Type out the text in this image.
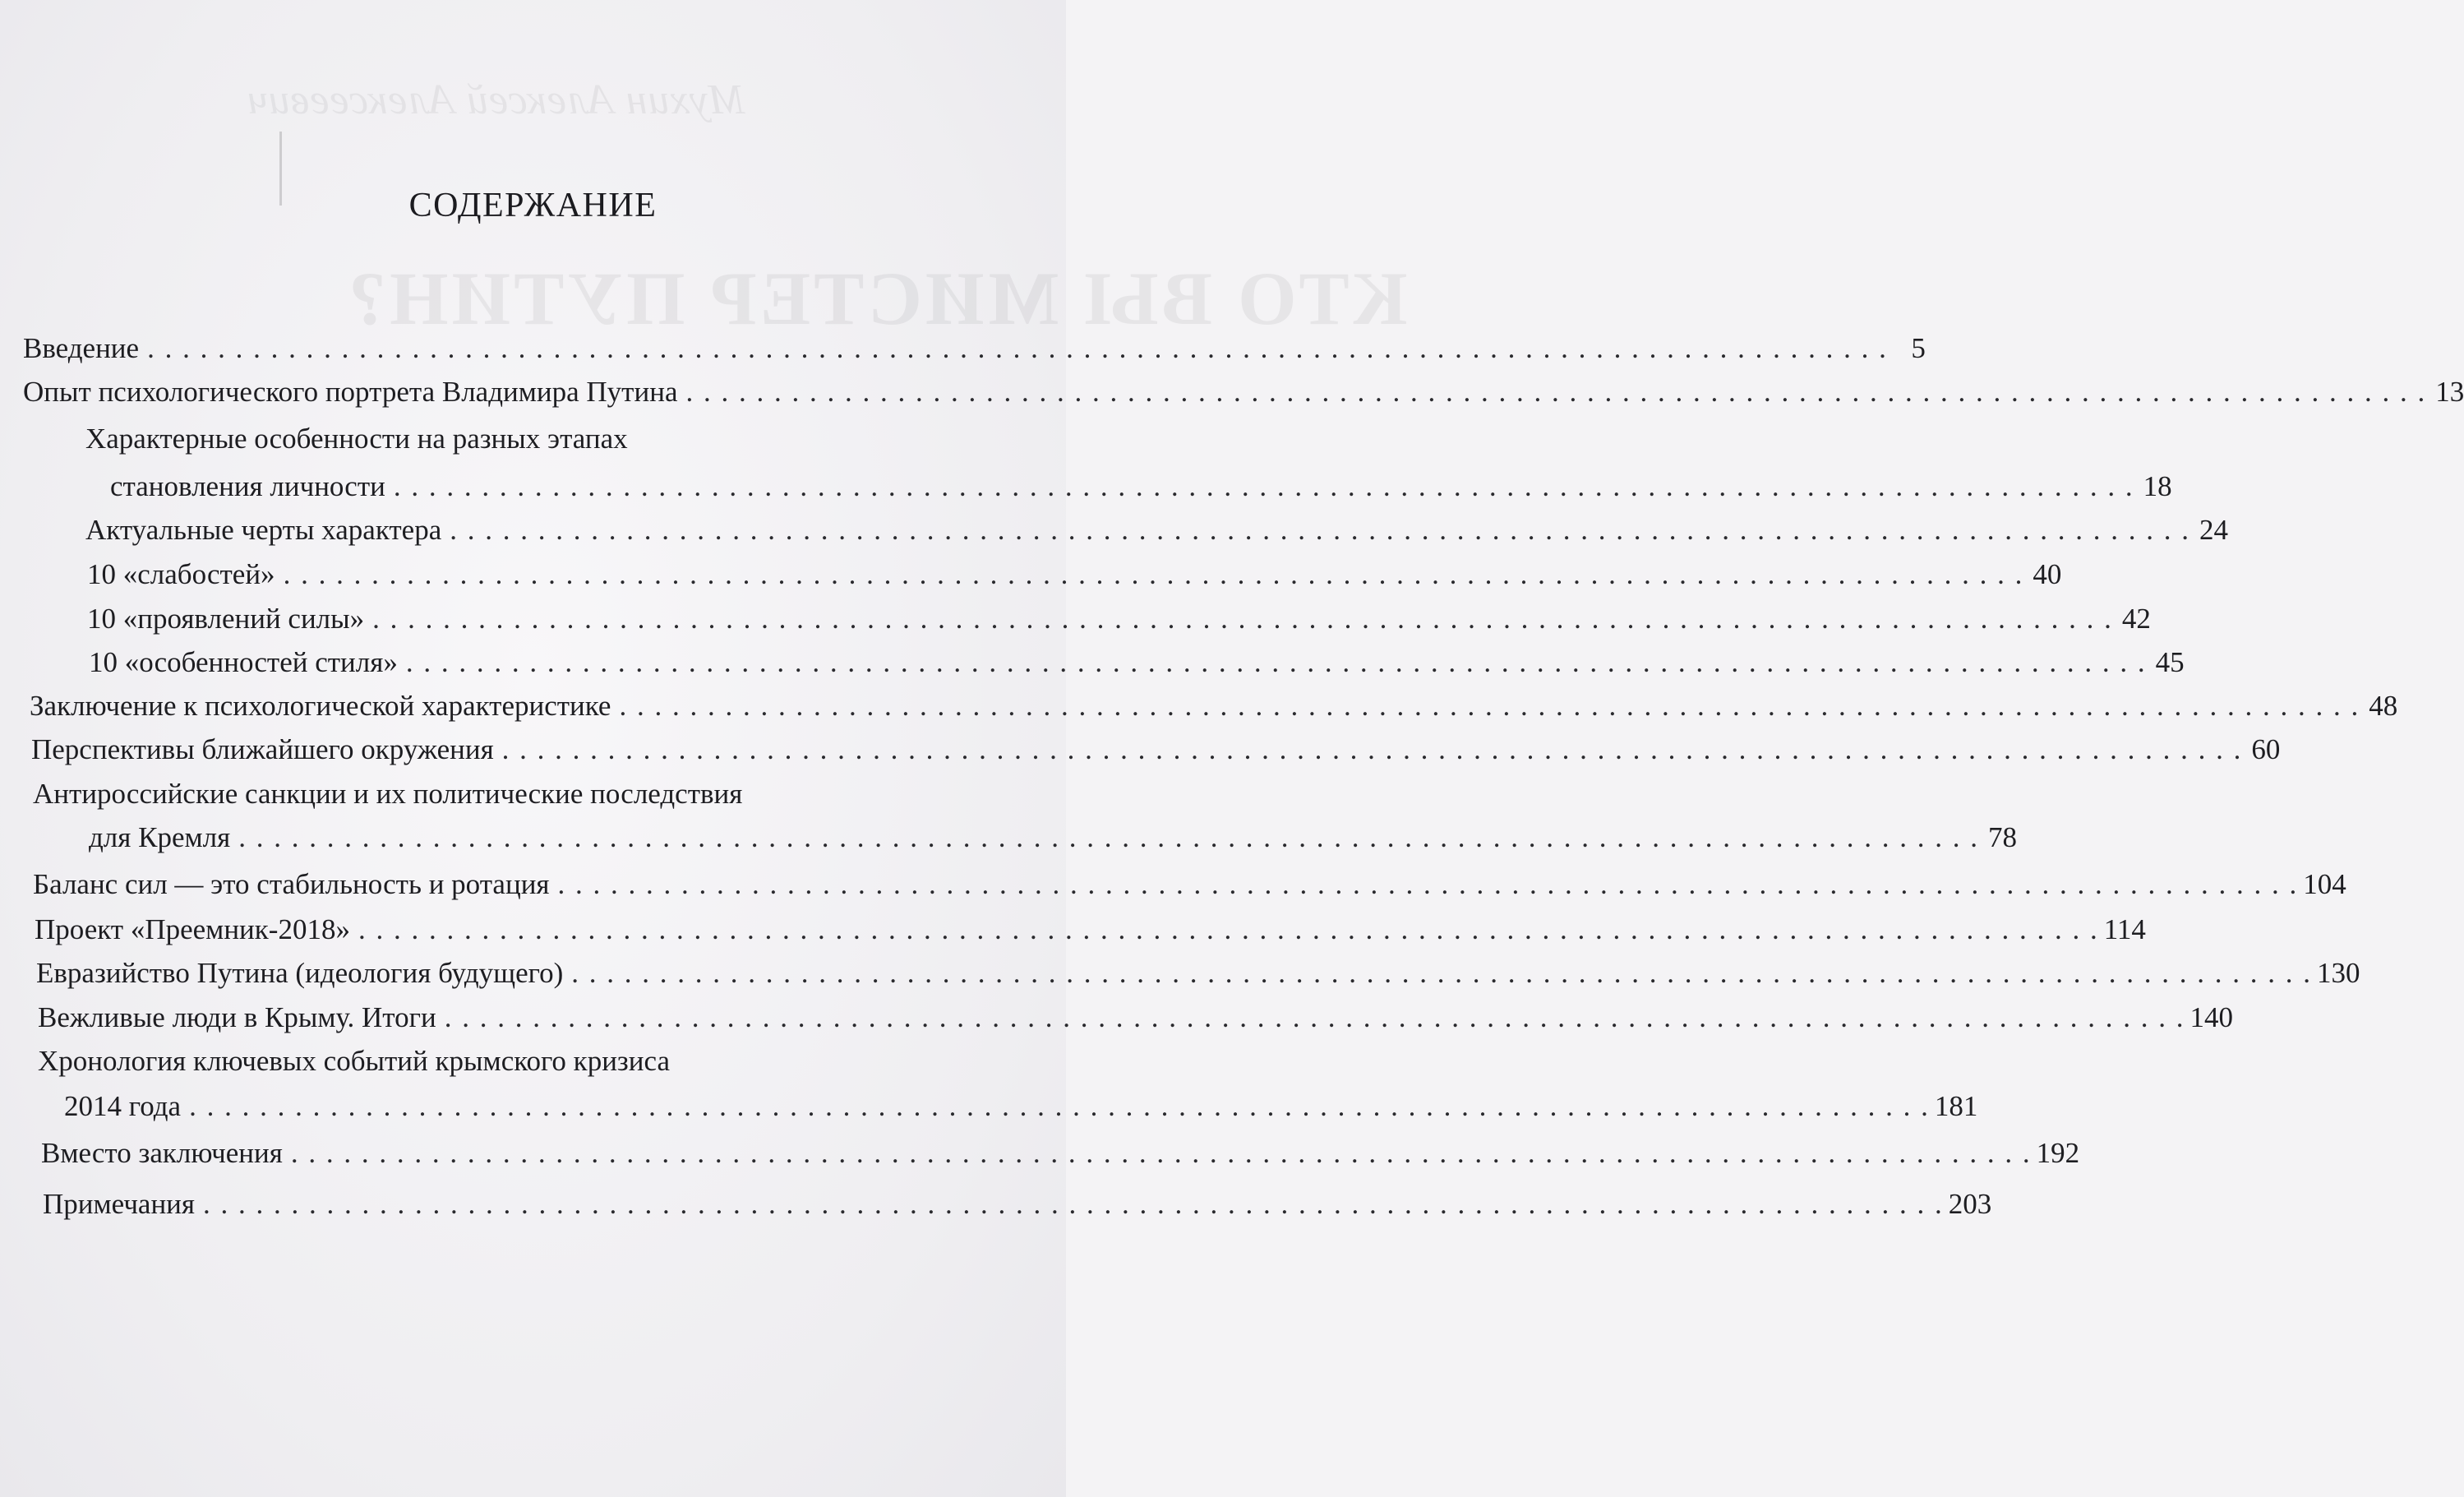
Мухин Алексей Алексеевич
КТО ВЫ МИСТЕР ПУТИН?
СОДЕРЖАНИЕ
Введение . . .	5
Опыт психологического портрета Владимира Путина . . .	13
Характерные особенности на разных этапах
становления личности . . .	18
Актуальные черты характера . . .	24
10 «слабостей» . . .	40
10 «проявлений силы» . . .	42
10 «особенностей стиля» . . .	45
Заключение к психологической характеристике . . .	48
Перспективы ближайшего окружения . . .	60
Антироссийские санкции и их политические последствия
для Кремля . . .	78
Баланс сил — это стабильность и ротация . . .	104
Проект «Преемник-2018» . . .	114
Евразийство Путина (идеология будущего) . . .	130
Вежливые люди в Крыму. Итоги . . .	140
Хронология ключевых событий крымского кризиса
2014 года . . .	181
Вместо заключения . . .	192
Примечания . . .	203
